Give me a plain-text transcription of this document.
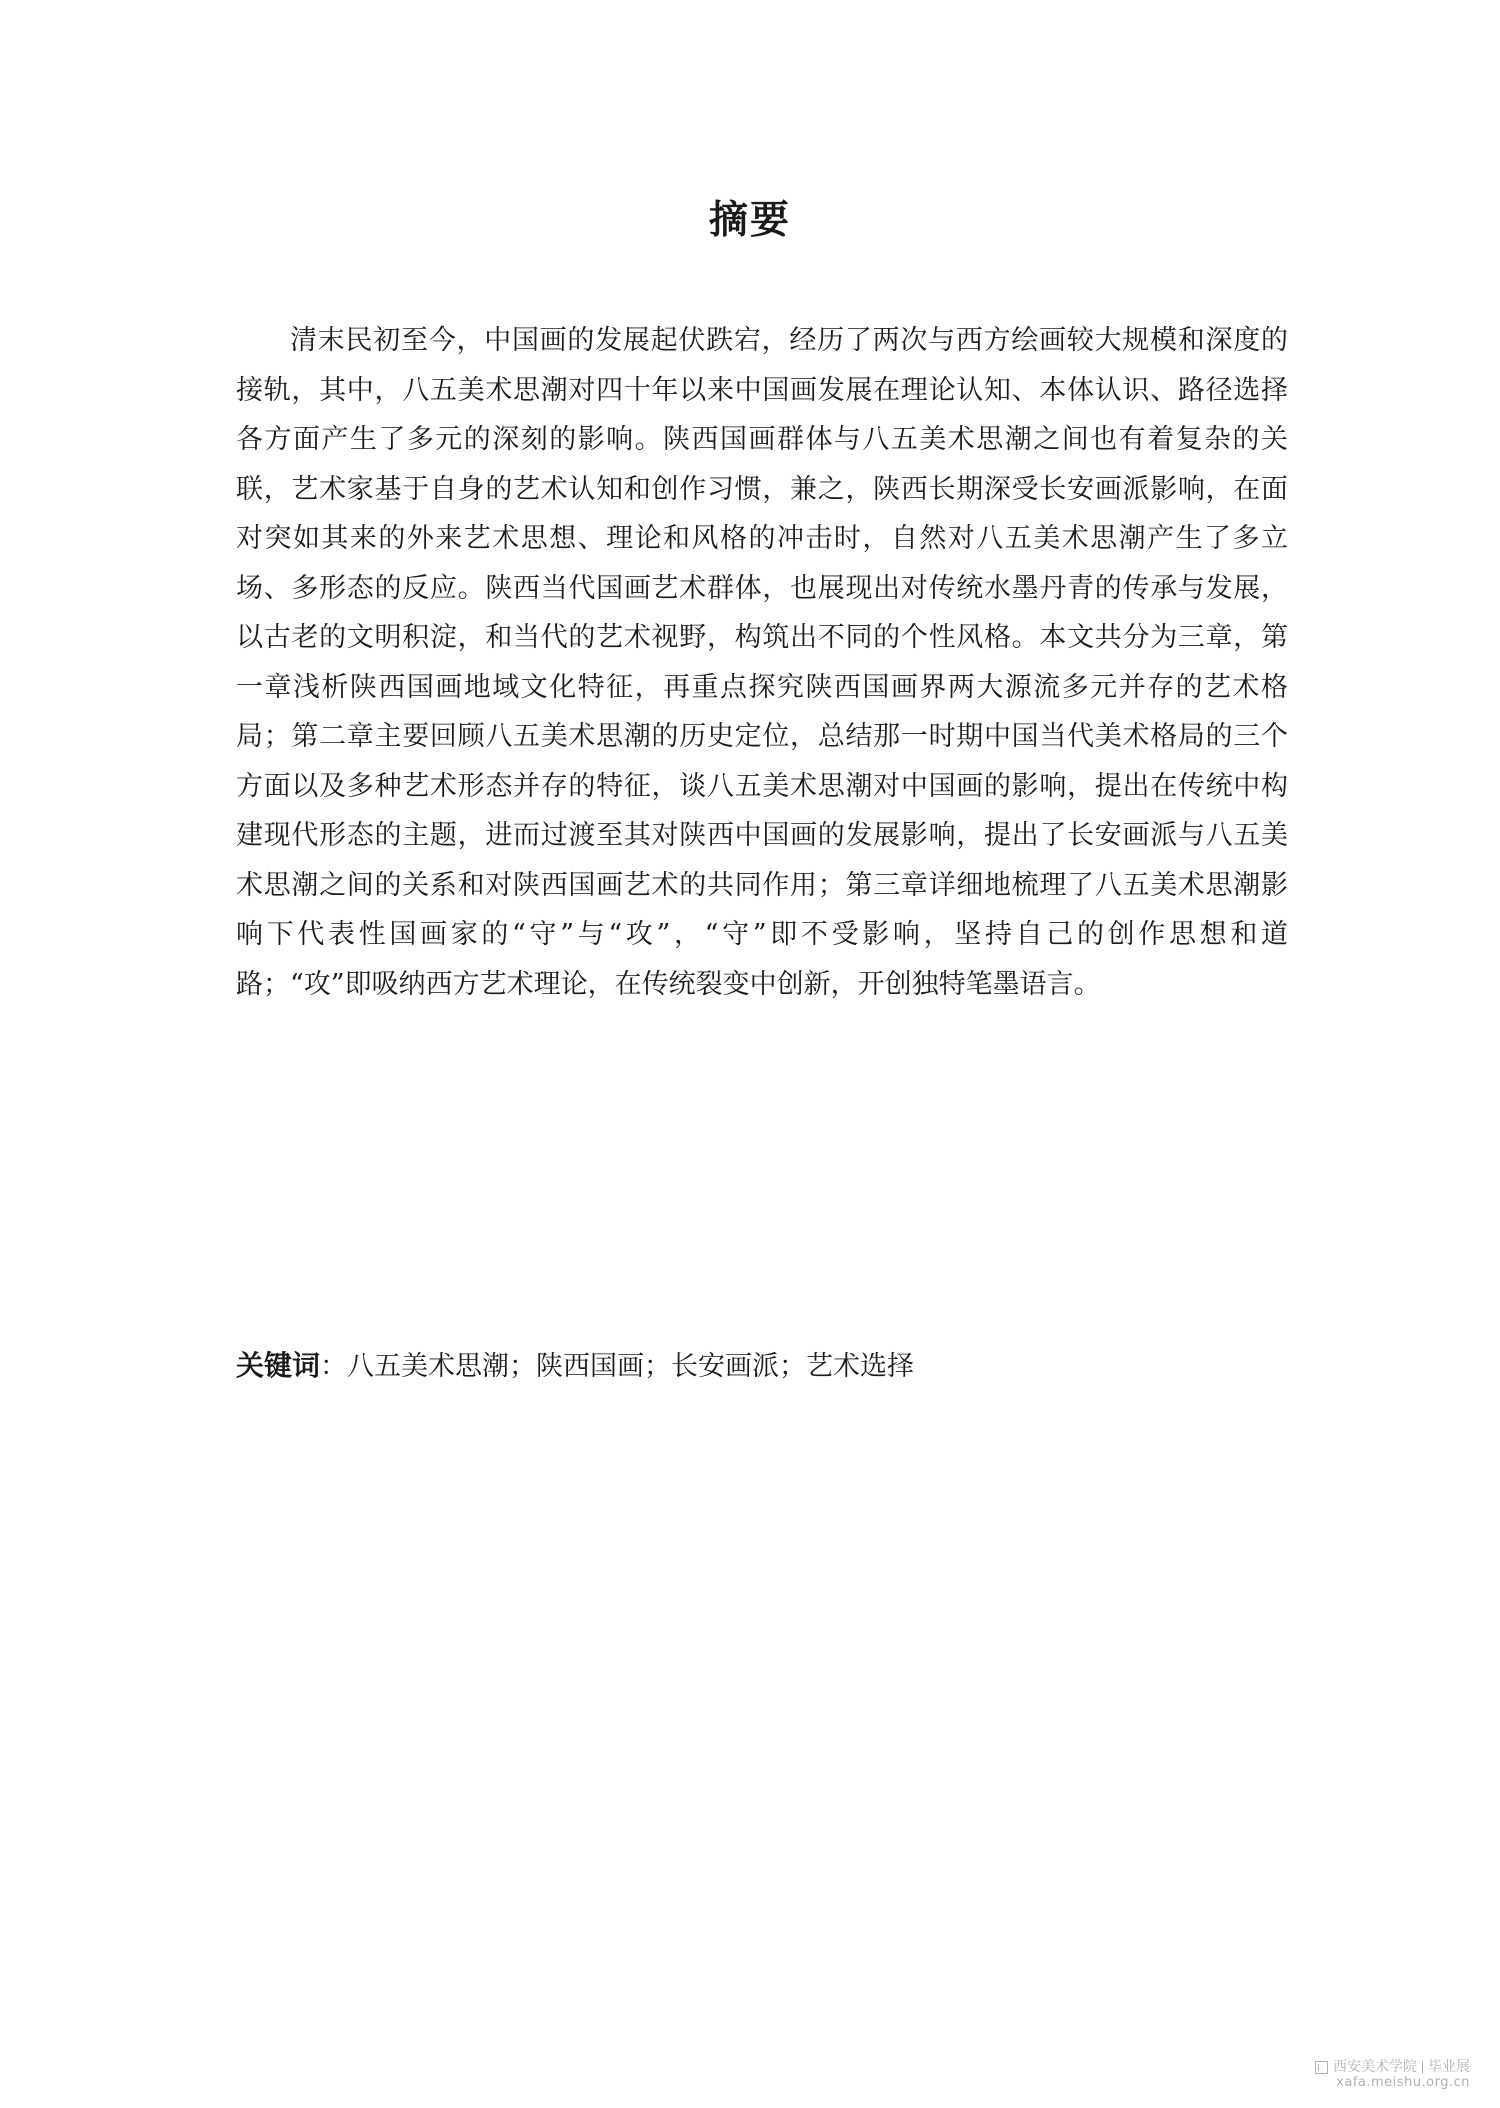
摘要

清末民初至今，中国画的发展起伏跌宕，经历了两次与西方绘画较大规模和深度的接轨，其中，八五美术思潮对四十年以来中国画发展在理论认知、本体认识、路径选择各方面产生了多元的深刻的影响。陕西国画群体与八五美术思潮之间也有着复杂的关联，艺术家基于自身的艺术认知和创作习惯，兼之，陕西长期深受长安画派影响，在面对突如其来的外来艺术思想、理论和风格的冲击时，自然对八五美术思潮产生了多立场、多形态的反应。陕西当代国画艺术群体，也展现出对传统水墨丹青的传承与发展，以古老的文明积淀，和当代的艺术视野，构筑出不同的个性风格。本文共分为三章，第一章浅析陕西国画地域文化特征，再重点探究陕西国画界两大源流多元并存的艺术格局；第二章主要回顾八五美术思潮的历史定位，总结那一时期中国当代美术格局的三个方面以及多种艺术形态并存的特征，谈八五美术思潮对中国画的影响，提出在传统中构建现代形态的主题，进而过渡至其对陕西中国画的发展影响，提出了长安画派与八五美术思潮之间的关系和对陕西国画艺术的共同作用；第三章详细地梳理了八五美术思潮影响下代表性国画家的“守”与“攻”，“守”即不受影响，坚持自己的创作思想和道路；“攻”即吸纳西方艺术理论，在传统裂变中创新，开创独特笔墨语言。

关键词：八五美术思潮；陕西国画；长安画派；艺术选择
西安美术学院 毕业展
xafa.meishu.org.cn
